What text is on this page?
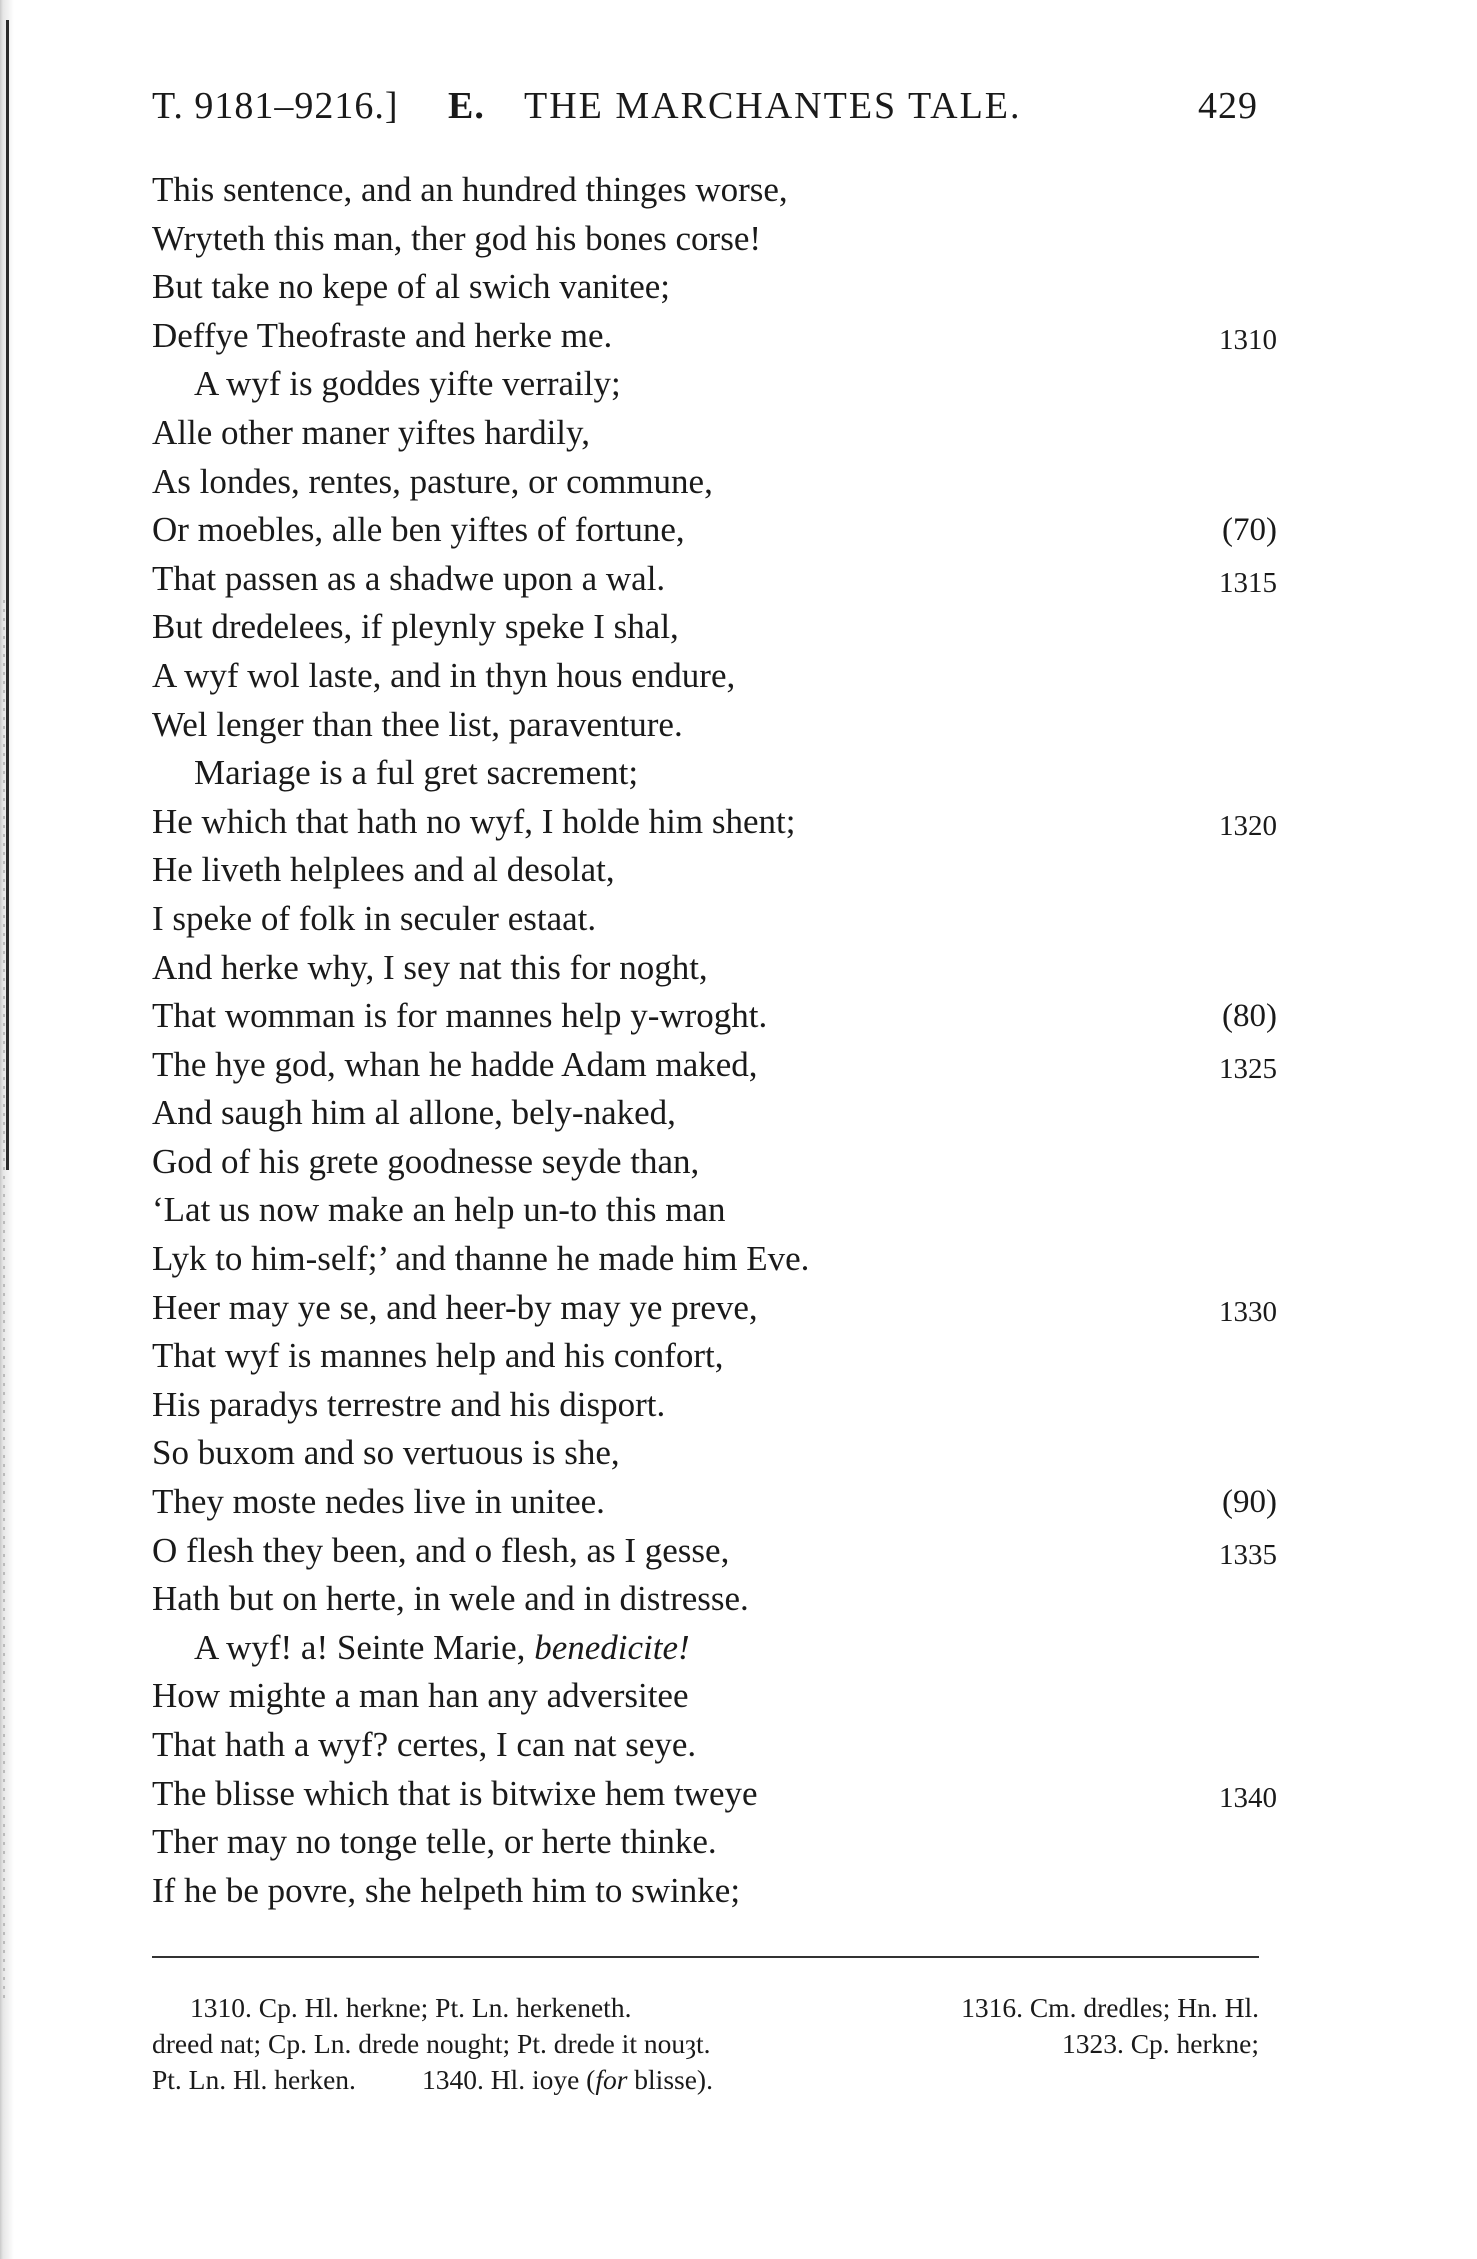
T. 9181–9216.] E. THE MARCHANTES TALE.	429
This sentence, and an hundred thinges worse,
Wryteth this man, ther god his bones corse!
But take no kepe of al swich vanitee;
Deffye Theofraste and herke me.	1310
A wyf is goddes yifte verraily;
Alle other maner yiftes hardily,
As londes, rentes, pasture, or commune,
Or moebles, alle ben yiftes of fortune,	(70)
That passen as a shadwe upon a wal.	1315
But dredelees, if pleynly speke I shal,
A wyf wol laste, and in thyn hous endure,
Wel lenger than thee list, paraventure.
Mariage is a ful gret sacrement;
He which that hath no wyf, I holde him shent;	1320
He liveth helplees and al desolat,
I speke of folk in seculer estaat.
And herke why, I sey nat this for noght,
That womman is for mannes help y-wroght.	(80)
The hye god, whan he hadde Adam maked,	1325
And saugh him al allone, bely-naked,
God of his grete goodnesse seyde than,
‘Lat us now make an help un-to this man
Lyk to him-self;’ and thanne he made him Eve.
Heer may ye se, and heer-by may ye preve,	1330
That wyf is mannes help and his confort,
His paradys terrestre and his disport.
So buxom and so vertuous is she,
They moste nedes live in unitee.	(90)
O flesh they been, and o flesh, as I gesse,	1335
Hath but on herte, in wele and in distresse.
A wyf! a! Seinte Marie, benedicite!
How mighte a man han any adversitee
That hath a wyf? certes, I can nat seye.
The blisse which that is bitwixe hem tweye	1340
Ther may no tonge telle, or herte thinke.
If he be povre, she helpeth him to swinke;
1310. Cp. Hl. herkne; Pt. Ln. herkeneth.	1316. Cm. dredles; Hn. Hl.
dreed nat; Cp. Ln. drede nought; Pt. drede it nouȝt.	1323. Cp. herkne;
Pt. Ln. Hl. herken. 1340. Hl. ioye (for blisse).
